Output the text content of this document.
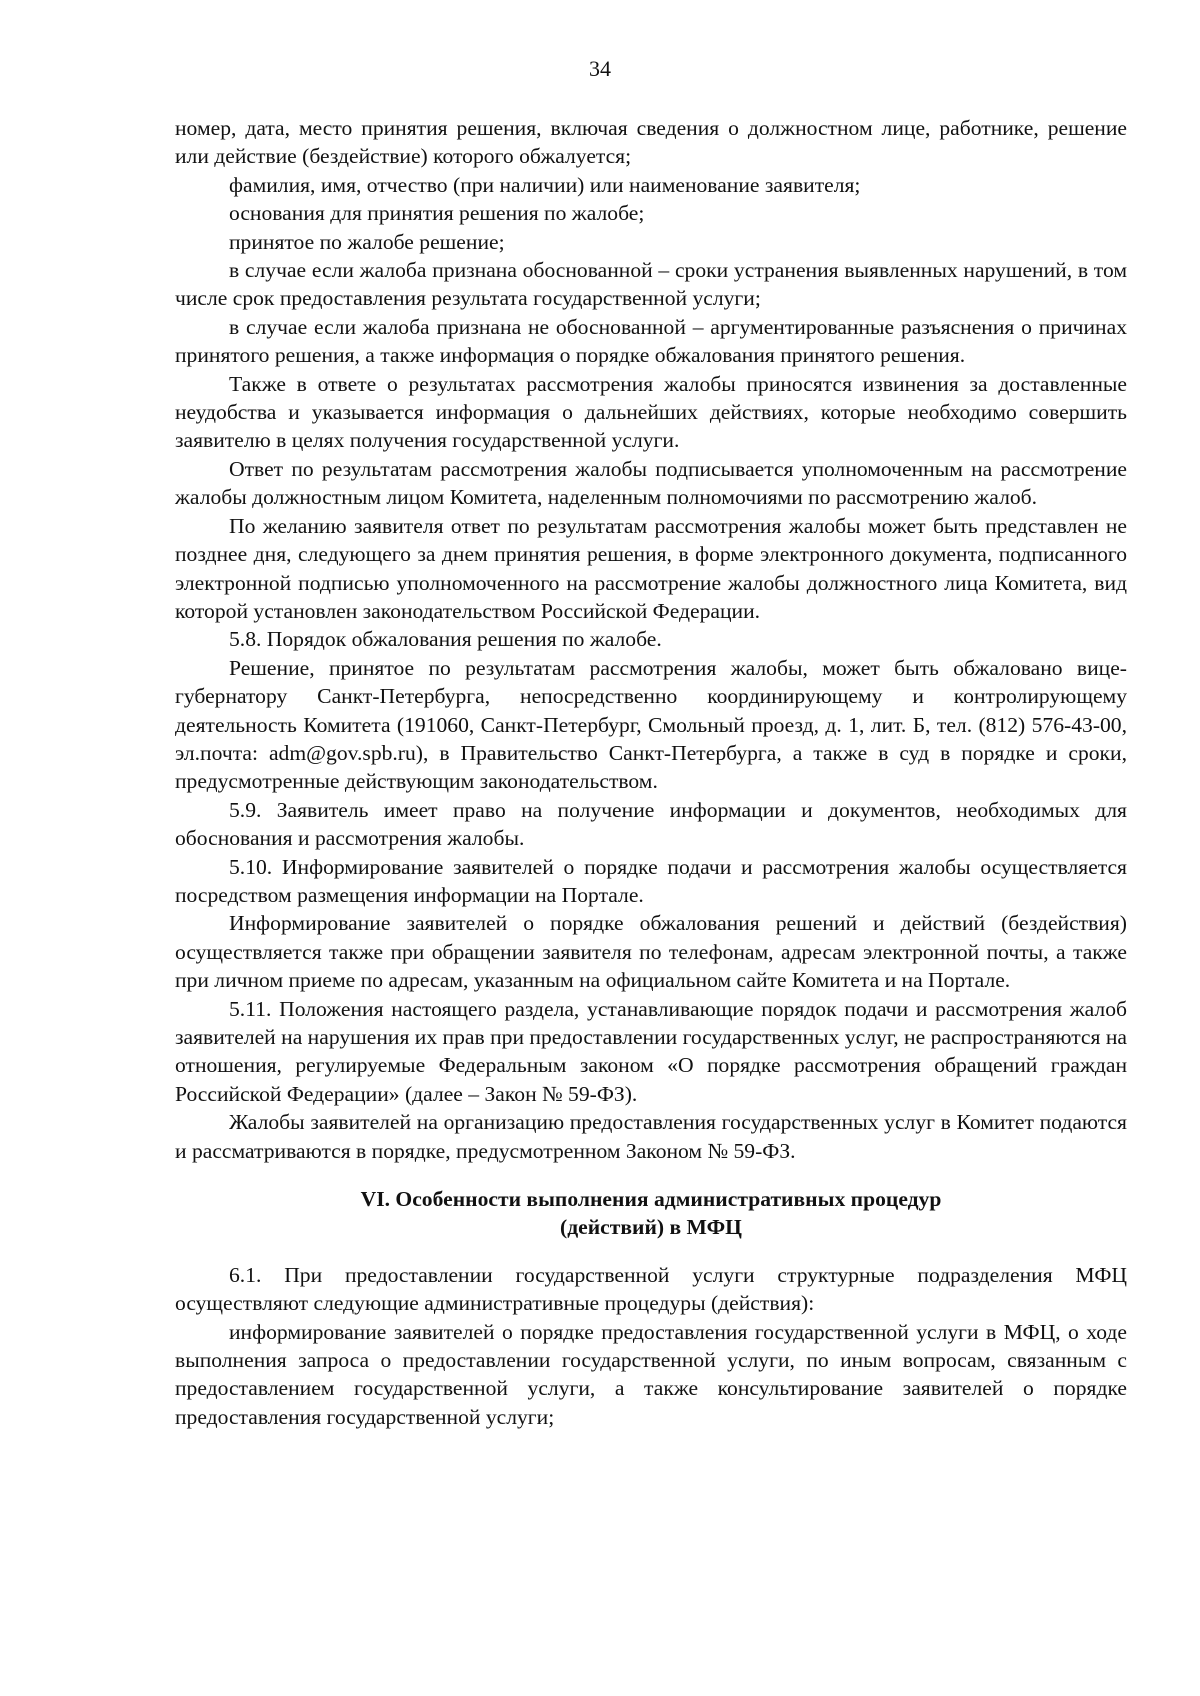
34

номер, дата, место принятия решения, включая сведения о должностном лице, работнике, решение или действие (бездействие) которого обжалуется;

фамилия, имя, отчество (при наличии) или наименование заявителя;

основания для принятия решения по жалобе;

принятое по жалобе решение;

в случае если жалоба признана обоснованной – сроки устранения выявленных нарушений, в том числе срок предоставления результата государственной услуги;

в случае если жалоба признана не обоснованной – аргументированные разъяснения о причинах принятого решения, а также информация о порядке обжалования принятого решения.

Также в ответе о результатах рассмотрения жалобы приносятся извинения за доставленные неудобства и указывается информация о дальнейших действиях, которые необходимо совершить заявителю в целях получения государственной услуги.

Ответ по результатам рассмотрения жалобы подписывается уполномоченным на рассмотрение жалобы должностным лицом Комитета, наделенным полномочиями по рассмотрению жалоб.

По желанию заявителя ответ по результатам рассмотрения жалобы может быть представлен не позднее дня, следующего за днем принятия решения, в форме электронного документа, подписанного электронной подписью уполномоченного на рассмотрение жалобы должностного лица Комитета, вид которой установлен законодательством Российской Федерации.

5.8. Порядок обжалования решения по жалобе.

Решение, принятое по результатам рассмотрения жалобы, может быть обжаловано вице-губернатору Санкт-Петербурга, непосредственно координирующему и контролирующему деятельность Комитета (191060, Санкт-Петербург, Смольный проезд, д. 1, лит. Б, тел. (812) 576-43-00, эл.почта: adm@gov.spb.ru), в Правительство Санкт-Петербурга, а также в суд в порядке и сроки, предусмотренные действующим законодательством.

5.9. Заявитель имеет право на получение информации и документов, необходимых для обоснования и рассмотрения жалобы.

5.10. Информирование заявителей о порядке подачи и рассмотрения жалобы осуществляется посредством размещения информации на Портале.

Информирование заявителей о порядке обжалования решений и действий (бездействия) осуществляется также при обращении заявителя по телефонам, адресам электронной почты, а также при личном приеме по адресам, указанным на официальном сайте Комитета и на Портале.

5.11. Положения настоящего раздела, устанавливающие порядок подачи и рассмотрения жалоб заявителей на нарушения их прав при предоставлении государственных услуг, не распространяются на отношения, регулируемые Федеральным законом «О порядке рассмотрения обращений граждан Российской Федерации» (далее – Закон № 59-ФЗ).

Жалобы заявителей на организацию предоставления государственных услуг в Комитет подаются и рассматриваются в порядке, предусмотренном Законом № 59-ФЗ.

VI. Особенности выполнения административных процедур
(действий) в МФЦ

6.1. При предоставлении государственной услуги структурные подразделения МФЦ осуществляют следующие административные процедуры (действия):

информирование заявителей о порядке предоставления государственной услуги в МФЦ, о ходе выполнения запроса о предоставлении государственной услуги, по иным вопросам, связанным с предоставлением государственной услуги, а также консультирование заявителей о порядке предоставления государственной услуги;
